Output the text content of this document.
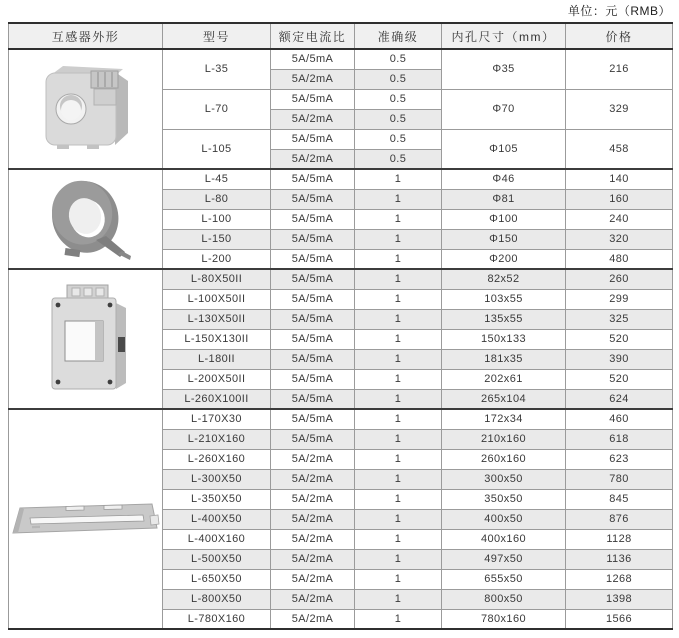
单位：元（RMB）
互感器外形	型号	额定电流比	准确级	内孔尺寸（mm）	价格
	L-35	5A/5mA	0.5	Φ35	216
		5A/2mA	0.5		
	L-70	5A/5mA	0.5	Φ70	329
		5A/2mA	0.5		
	L-105	5A/5mA	0.5	Φ105	458
		5A/2mA	0.5		
	L-45	5A/5mA	1	Φ46	140
	L-80	5A/5mA	1	Φ81	160
	L-100	5A/5mA	1	Φ100	240
	L-150	5A/5mA	1	Φ150	320
	L-200	5A/5mA	1	Φ200	480
	L-80X50II	5A/5mA	1	82x52	260
	L-100X50II	5A/5mA	1	103x55	299
	L-130X50II	5A/5mA	1	135x55	325
	L-150X130II	5A/5mA	1	150x133	520
	L-180II	5A/5mA	1	181x35	390
	L-200X50II	5A/5mA	1	202x61	520
	L-260X100II	5A/5mA	1	265x104	624
	L-170X30	5A/5mA	1	172x34	460
	L-210X160	5A/5mA	1	210x160	618
	L-260X160	5A/2mA	1	260x160	623
	L-300X50	5A/2mA	1	300x50	780
	L-350X50	5A/2mA	1	350x50	845
	L-400X50	5A/2mA	1	400x50	876
	L-400X160	5A/2mA	1	400x160	1128
	L-500X50	5A/2mA	1	497x50	1136
	L-650X50	5A/2mA	1	655x50	1268
	L-800X50	5A/2mA	1	800x50	1398
	L-780X160	5A/2mA	1	780x160	1566
